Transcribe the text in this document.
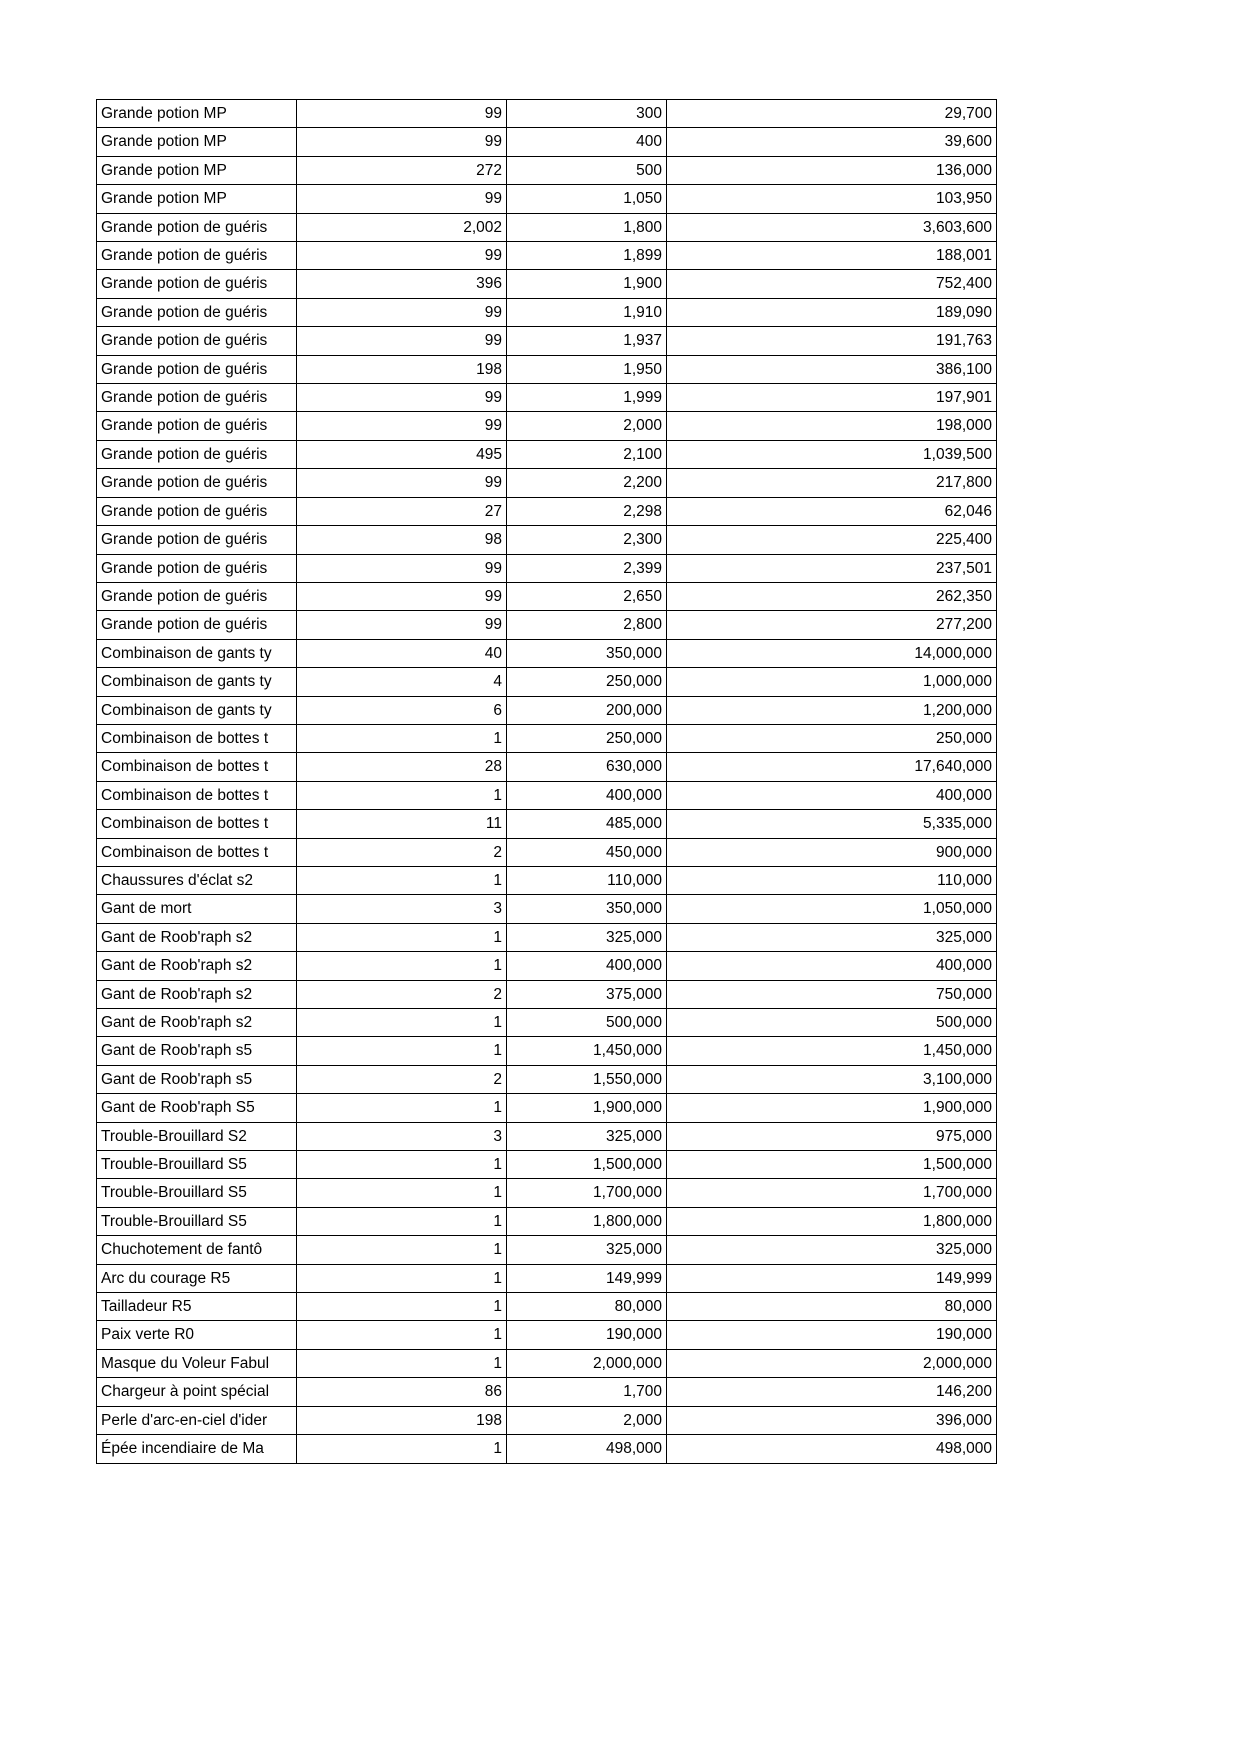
Grande potion MP	99	300	29,700
Grande potion MP	99	400	39,600
Grande potion MP	272	500	136,000
Grande potion MP	99	1,050	103,950
Grande potion de guéris	2,002	1,800	3,603,600
Grande potion de guéris	99	1,899	188,001
Grande potion de guéris	396	1,900	752,400
Grande potion de guéris	99	1,910	189,090
Grande potion de guéris	99	1,937	191,763
Grande potion de guéris	198	1,950	386,100
Grande potion de guéris	99	1,999	197,901
Grande potion de guéris	99	2,000	198,000
Grande potion de guéris	495	2,100	1,039,500
Grande potion de guéris	99	2,200	217,800
Grande potion de guéris	27	2,298	62,046
Grande potion de guéris	98	2,300	225,400
Grande potion de guéris	99	2,399	237,501
Grande potion de guéris	99	2,650	262,350
Grande potion de guéris	99	2,800	277,200
Combinaison de gants ty	40	350,000	14,000,000
Combinaison de gants ty	4	250,000	1,000,000
Combinaison de gants ty	6	200,000	1,200,000
Combinaison de bottes t	1	250,000	250,000
Combinaison de bottes t	28	630,000	17,640,000
Combinaison de bottes t	1	400,000	400,000
Combinaison de bottes t	11	485,000	5,335,000
Combinaison de bottes t	2	450,000	900,000
Chaussures d'éclat s2	1	110,000	110,000
Gant de mort	3	350,000	1,050,000
Gant de Roob'raph s2	1	325,000	325,000
Gant de Roob'raph s2	1	400,000	400,000
Gant de Roob'raph s2	2	375,000	750,000
Gant de Roob'raph s2	1	500,000	500,000
Gant de Roob'raph s5	1	1,450,000	1,450,000
Gant de Roob'raph s5	2	1,550,000	3,100,000
Gant de Roob'raph S5	1	1,900,000	1,900,000
Trouble-Brouillard S2	3	325,000	975,000
Trouble-Brouillard S5	1	1,500,000	1,500,000
Trouble-Brouillard S5	1	1,700,000	1,700,000
Trouble-Brouillard S5	1	1,800,000	1,800,000
Chuchotement de fantô	1	325,000	325,000
Arc du courage R5	1	149,999	149,999
Tailladeur R5	1	80,000	80,000
Paix verte R0	1	190,000	190,000
Masque du Voleur Fabul	1	2,000,000	2,000,000
Chargeur à point spécial	86	1,700	146,200
Perle d'arc-en-ciel d'ider	198	2,000	396,000
Épée incendiaire de Ma	1	498,000	498,000
